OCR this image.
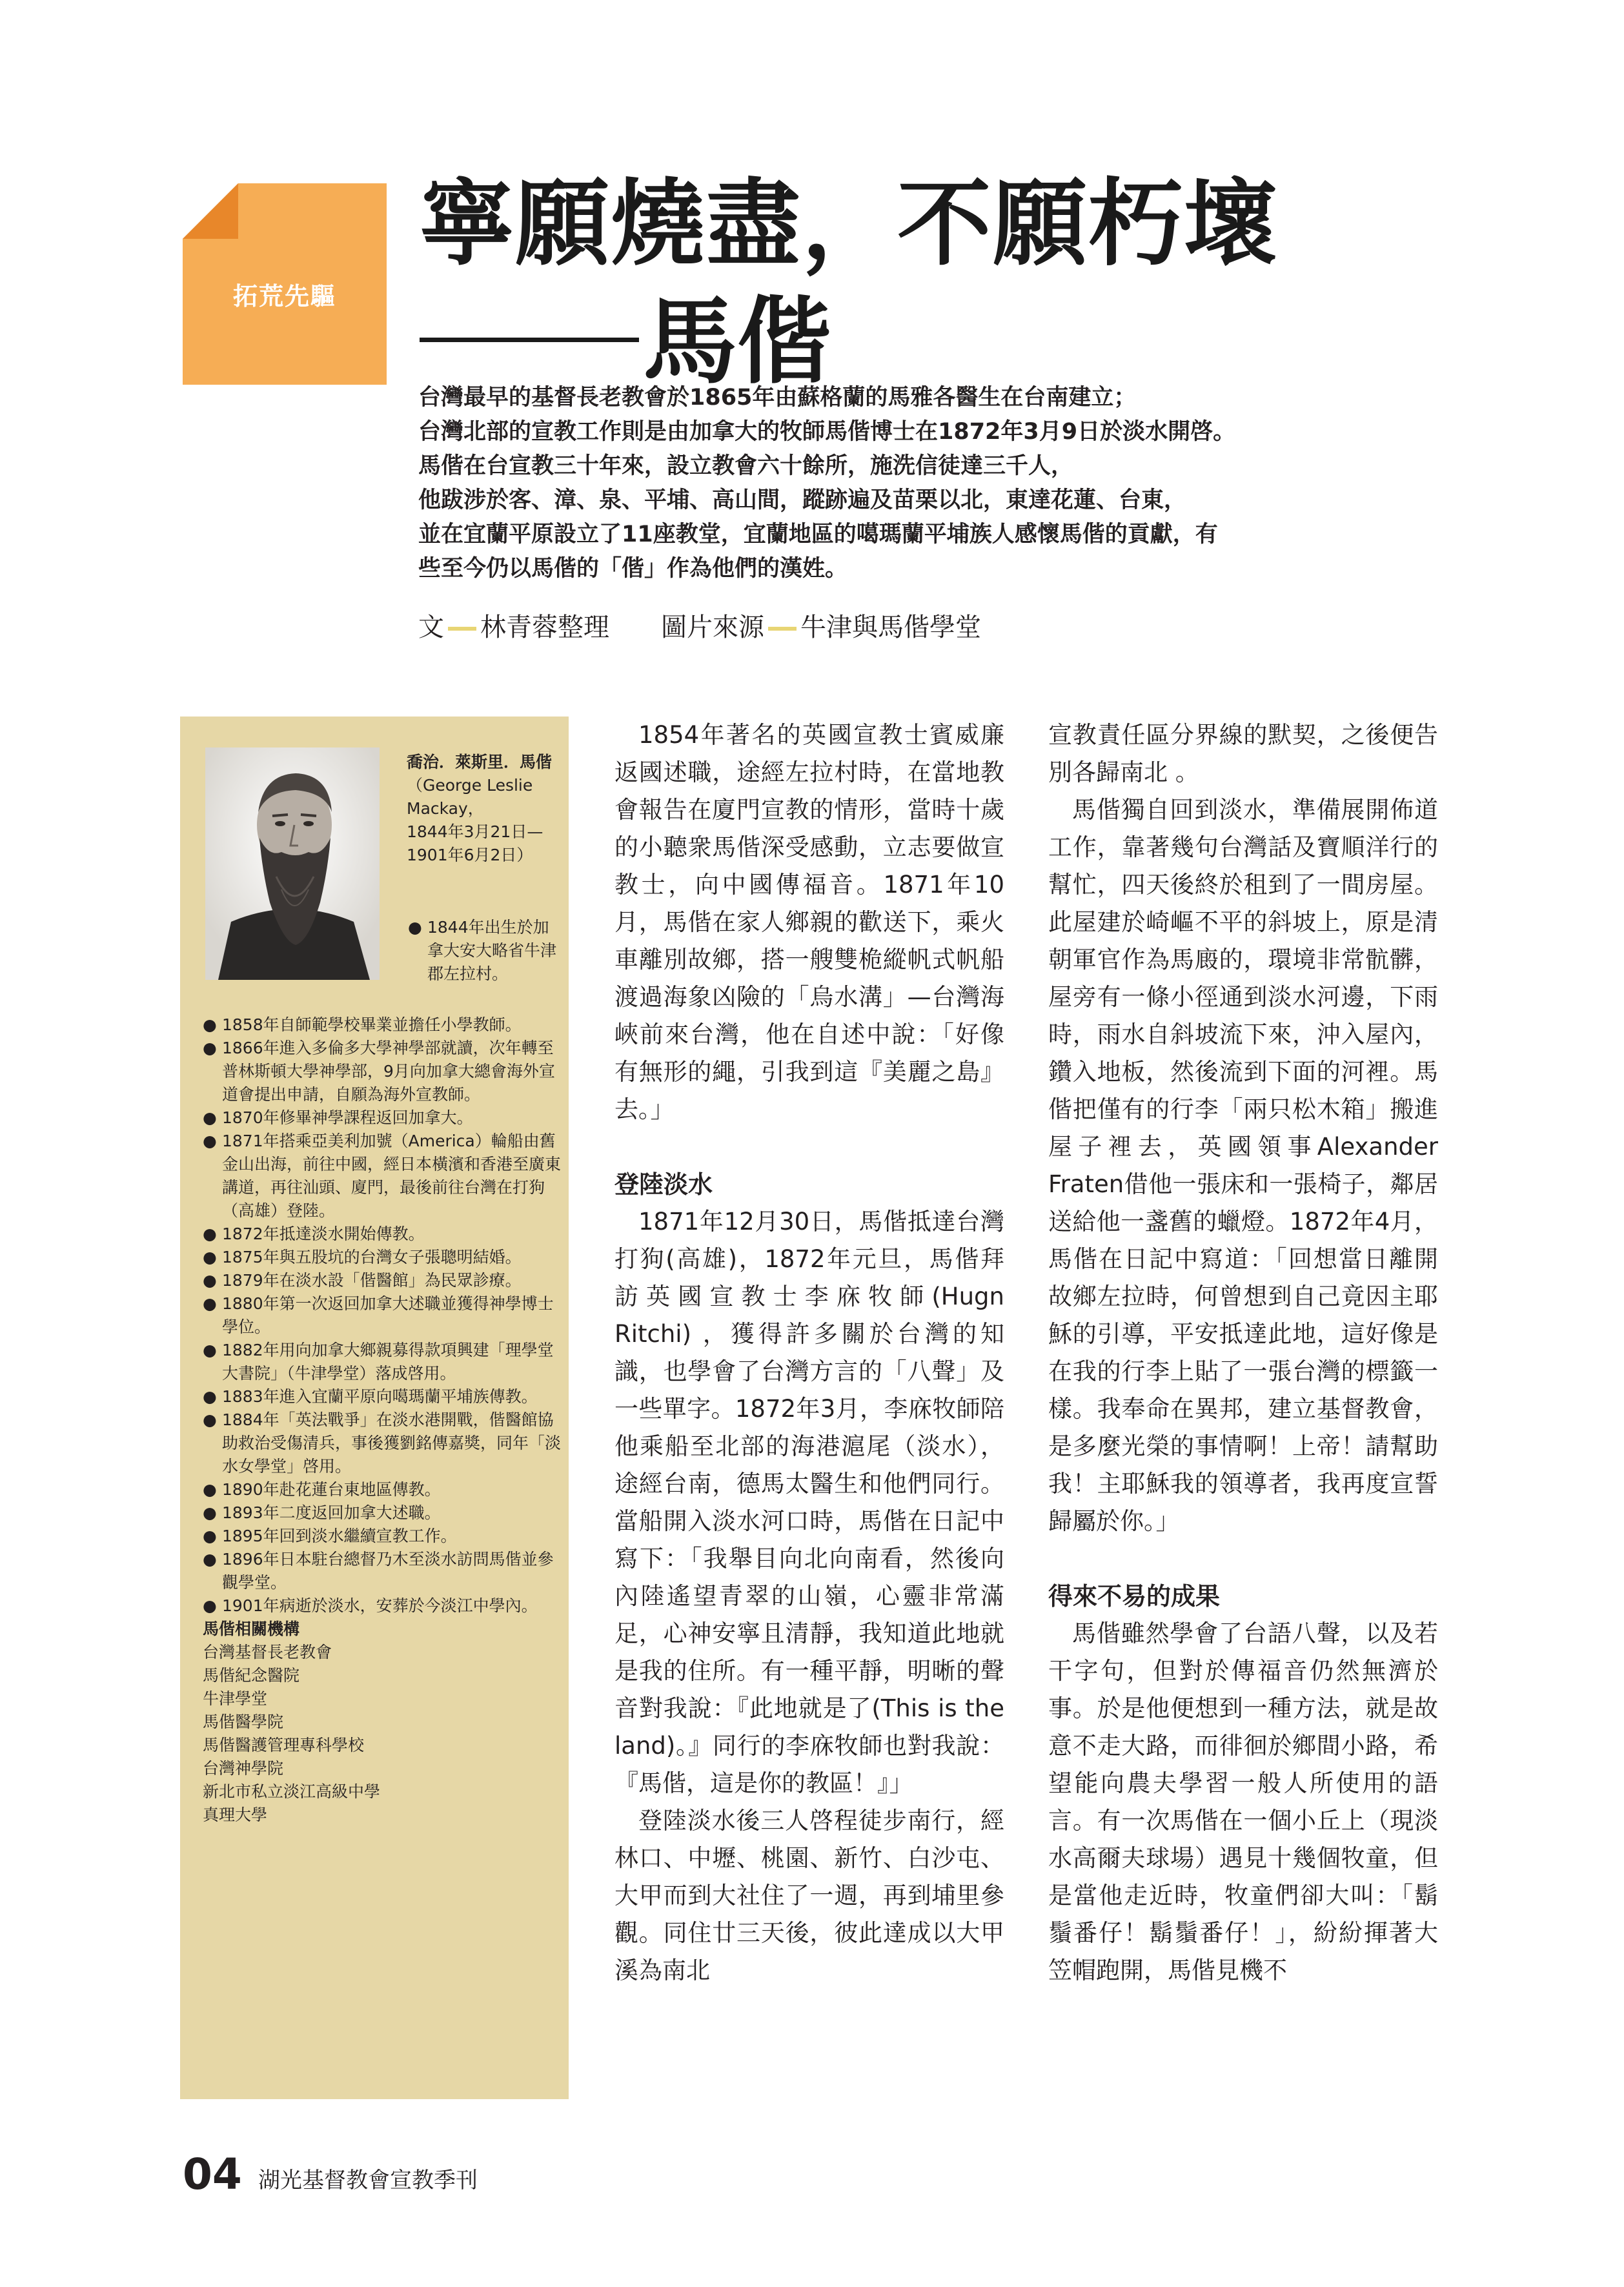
拓荒先驅
寧願燒盡，不願朽壞
馬偕

台灣最早的基督長老教會於1865年由蘇格蘭的馬雅各醫生在台南建立；

台灣北部的宣教工作則是由加拿大的牧師馬偕博士在1872年3月9日於淡水開啓。

馬偕在台宣教三十年來，設立教會六十餘所，施洗信徒達三千人，

他跋涉於客、漳、泉、平埔、高山間，蹤跡遍及苗栗以北，東達花蓮、台東，

並在宜蘭平原設立了11座教堂，宜蘭地區的噶瑪蘭平埔族人感懷馬偕的貢獻，有

些至今仍以馬偕的「偕」作為他們的漢姓。

文 林青蓉整理 圖片來源 牛津與馬偕學堂
喬治．萊斯里．馬偕
（George Leslie Mackay，
1844年3月21日—1901年6月2日）
● 1844年出生於加拿大安大略省牛津郡左拉村。
● 1858年自師範學校畢業並擔任小學教師。
● 1866年進入多倫多大學神學部就讀，次年轉至普林斯頓大學神學部，9月向加拿大總會海外宣道會提出申請，自願為海外宣教師。
● 1870年修畢神學課程返回加拿大。
● 1871年搭乘亞美利加號（America）輪船由舊金山出海，前往中國，經日本橫濱和香港至廣東講道，再往汕頭、廈門，最後前往台灣在打狗（高雄）登陸。
● 1872年抵達淡水開始傳教。
● 1875年與五股坑的台灣女子張聰明結婚。
● 1879年在淡水設「偕醫館」為民眾診療。
● 1880年第一次返回加拿大述職並獲得神學博士學位。
● 1882年用向加拿大鄉親募得款項興建「理學堂大書院」（牛津學堂）落成啓用。
● 1883年進入宜蘭平原向噶瑪蘭平埔族傳教。
● 1884年「英法戰爭」在淡水港開戰，偕醫館協助救治受傷清兵，事後獲劉銘傳嘉獎，同年「淡水女學堂」啓用。
● 1890年赴花蓮台東地區傳教。
● 1893年二度返回加拿大述職。
● 1895年回到淡水繼續宣教工作。
● 1896年日本駐台總督乃木至淡水訪問馬偕並參觀學堂。
● 1901年病逝於淡水，安葬於今淡江中學內。
馬偕相關機構
台灣基督長老教會
馬偕紀念醫院
牛津學堂
馬偕醫學院
馬偕醫護管理專科學校
台灣神學院
新北市私立淡江高級中學
真理大學

1854年著名的英國宣教士賓威廉返國述職，途經左拉村時，在當地教會報告在廈門宣教的情形，當時十歲的小聽衆馬偕深受感動，立志要做宣教士，向中國傳福音。1871年10月，馬偕在家人鄉親的歡送下，乘火車離別故鄉，搭一艘雙桅縱帆式帆船渡過海象凶險的「烏水溝」—台灣海峽前來台灣，他在自述中說：「好像有無形的繩，引我到這『美麗之島』去。」

登陸淡水

1871年12月30日，馬偕抵達台灣打狗(高雄)，1872年元旦，馬偕拜訪英國宣教士李庥牧師(Hugn Ritchi) ，獲得許多關於台灣的知識，也學會了台灣方言的「八聲」及一些單字。1872年3月，李庥牧師陪他乘船至北部的海港滬尾（淡水），途經台南，德馬太醫生和他們同行。當船開入淡水河口時，馬偕在日記中寫下：「我舉目向北向南看，然後向內陸遙望青翠的山嶺，心靈非常滿足，心神安寧且清靜，我知道此地就是我的住所。有一種平靜，明晰的聲音對我說：『此地就是了(This is the land)。』同行的李庥牧師也對我說：『馬偕，這是你的教區！』」

登陸淡水後三人啓程徒步南行，經林口、中壢、桃園、新竹、白沙屯、大甲而到大社住了一週，再到埔里參觀。同住廿三天後，彼此達成以大甲溪為南北

宣教責任區分界線的默契，之後便告別各歸南北 。

馬偕獨自回到淡水，準備展開佈道工作，靠著幾句台灣話及寶順洋行的幫忙，四天後終於租到了一間房屋。此屋建於崎嶇不平的斜坡上，原是清朝軍官作為馬廄的，環境非常骯髒，屋旁有一條小徑通到淡水河邊，下雨時，雨水自斜坡流下來，沖入屋內，鑽入地板，然後流到下面的河裡。馬偕把僅有的行李「兩只松木箱」搬進屋子裡去，英國領事Alexander Fraten借他一張床和一張椅子，鄰居送給他一盞舊的蠟燈。1872年4月，馬偕在日記中寫道：「回想當日離開故鄉左拉時，何曾想到自己竟因主耶穌的引導，平安抵達此地，這好像是在我的行李上貼了一張台灣的標籤一樣。我奉命在異邦，建立基督教會，是多麼光榮的事情啊！上帝！請幫助我！主耶穌我的領導者，我再度宣誓歸屬於你。」

得來不易的成果

馬偕雖然學會了台語八聲，以及若干字句，但對於傳福音仍然無濟於事。於是他便想到一種方法，就是故意不走大路，而徘徊於鄉間小路，希望能向農夫學習一般人所使用的語言。有一次馬偕在一個小丘上（現淡水高爾夫球場）遇見十幾個牧童，但是當他走近時，牧童們卻大叫：「鬍鬚番仔！鬍鬚番仔！」，紛紛揮著大笠帽跑開，馬偕見機不

04 湖光基督教會宣教季刊
